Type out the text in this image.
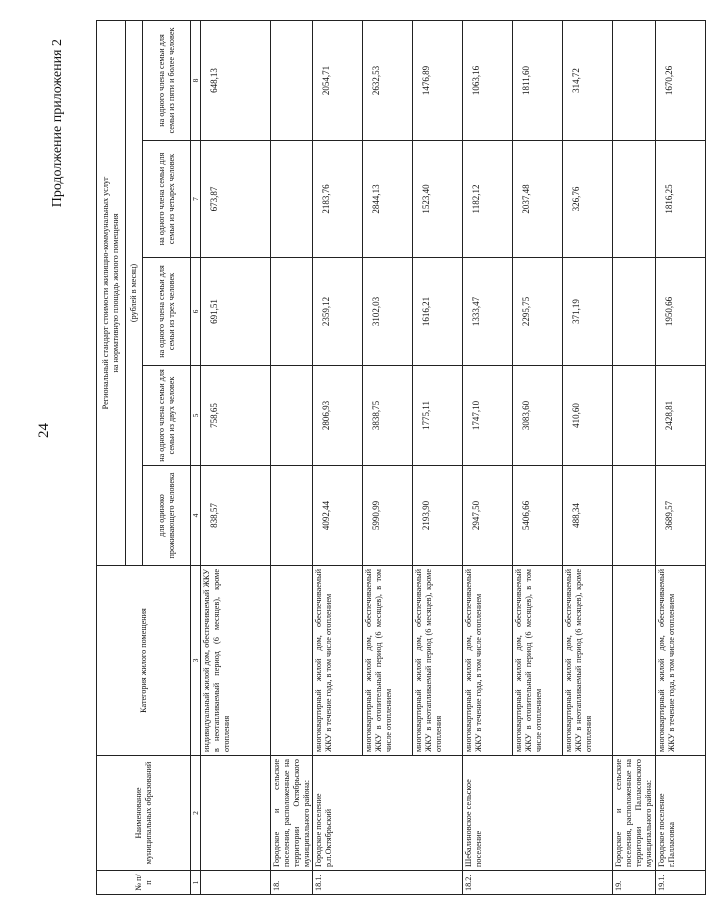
24
Продолжение приложения 2
№ п/п	Наименование муниципальных образований	Категория жилого помещения	Региональный стандарт стоимости жилищно-коммунальных услуг
на нормативную площадь жилого помещения				
			(рублей в месяц)				
			для одиноко проживающего человека	на одного члена семьи для семьи из двух человек	на одного члена семьи для семьи из трех человек	на одного члена семьи для семьи из четырех человек	на одного члена семьи для семьи из пяти и более человек
1	2	3	4	5	6	7	8
		индивидуальный жилой дом, обеспечиваемый ЖКУ в неотапливаемый период (6 месяцев), кроме отопления	838,57	758,65	691,51	673,87	648,13
18.	Городское и сельские поселения, расположенные на территории Октябрьского муниципального района:						
18.1.	Городское поселение р.п.Октябрьский	многоквартирный жилой дом, обеспечиваемый ЖКУ в течение года, в том числе отоплением	4092,44	2806,93	2359,12	2183,76	2054,71
		многоквартирный жилой дом, обеспечиваемый ЖКУ в отопительный период (6 месяцев), в том числе отоплением	5990,99	3838,75	3102,03	2844,13	2632,53
		многоквартирный жилой дом, обеспечиваемый ЖКУ в неотапливаемый период (6 месяцев), кроме отопления	2193,90	1775,11	1616,21	1523,40	1476,89
18.2.	Шебалиновское сельское поселение	многоквартирный жилой дом, обеспечиваемый ЖКУ в течение года, в том числе отоплением	2947,50	1747,10	1333,47	1182,12	1063,16
		многоквартирный жилой дом, обеспечиваемый ЖКУ в отопительный период (6 месяцев), в том числе отоплением	5406,66	3083,60	2295,75	2037,48	1811,60
		многоквартирный жилой дом, обеспечиваемый ЖКУ в неотапливаемый период (6 месяцев), кроме отопления	488,34	410,60	371,19	326,76	314,72
19.	Городское и сельские поселения, расположенные на территории Палласовского муниципального района:						
19.1.	Городское поселение г.Палласовка	многоквартирный жилой дом, обеспечиваемый ЖКУ в течение года, в том числе отоплением	3689,57	2428,81	1950,66	1816,25	1670,26
